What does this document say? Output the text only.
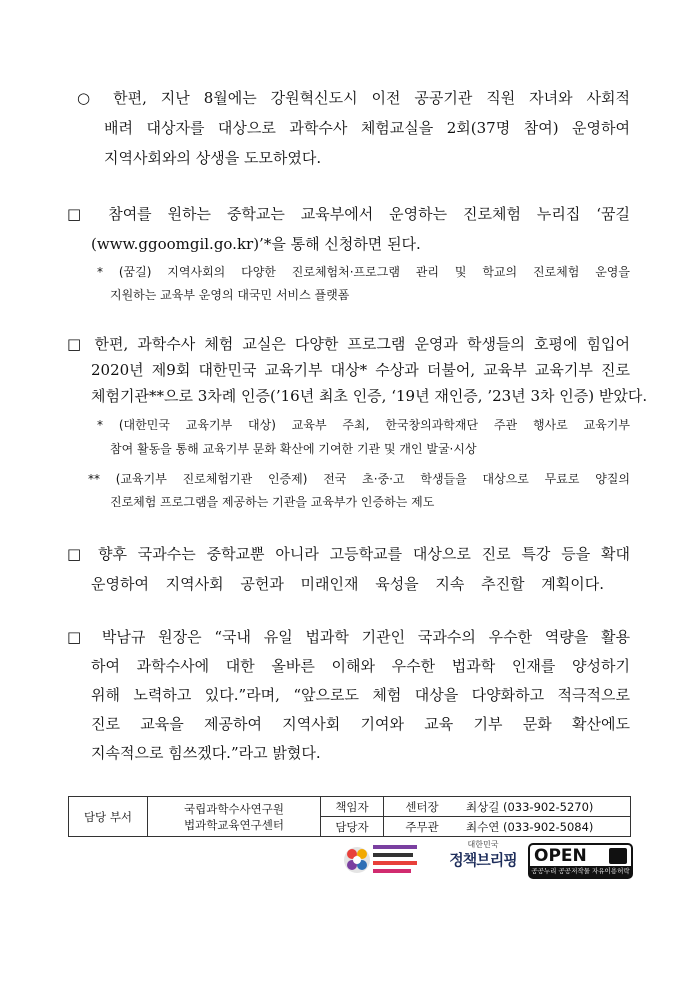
○ 한편, 지난 8월에는 강원혁신도시 이전 공공기관 직원 자녀와 사회적
배려 대상자를 대상으로 과학수사 체험교실을 2회(37명 참여) 운영하여
지역사회와의 상생을 도모하였다.
□ 참여를 원하는 중학교는 교육부에서 운영하는 진로체험 누리집 ‘꿈길
(www.ggoomgil.go.kr)’*을 통해 신청하면 된다.
* (꿈길) 지역사회의 다양한 진로체험처·프로그램 관리 및 학교의 진로체험 운영을
지원하는 교육부 운영의 대국민 서비스 플랫폼
□ 한편, 과학수사 체험 교실은 다양한 프로그램 운영과 학생들의 호평에 힘입어
2020년 제9회 대한민국 교육기부 대상* 수상과 더불어, 교육부 교육기부 진로
체험기관**으로 3차례 인증(’16년 최초 인증, ‘19년 재인증, ’23년 3차 인증) 받았다.
* (대한민국 교육기부 대상) 교육부 주최, 한국창의과학재단 주관 행사로 교육기부
참여 활동을 통해 교육기부 문화 확산에 기여한 기관 및 개인 발굴·시상
** (교육기부 진로체험기관 인증제) 전국 초·중·고 학생들을 대상으로 무료로 양질의
진로체험 프로그램을 제공하는 기관을 교육부가 인증하는 제도
□ 향후 국과수는 중학교뿐 아니라 고등학교를 대상으로 진로 특강 등을 확대
운영하여 지역사회 공헌과 미래인재 육성을 지속 추진할 계획이다.
□ 박남규 원장은 “국내 유일 법과학 기관인 국과수의 우수한 역량을 활용
하여 과학수사에 대한 올바른 이해와 우수한 법과학 인재를 양성하기
위해 노력하고 있다.”라며, “앞으로도 체험 대상을 다양화하고 적극적으로
진로 교육을 제공하여 지역사회 기여와 교육 기부 문화 확산에도
지속적으로 힘쓰겠다.”라고 밝혔다.
담당 부서	국립과학수사연구원
법과학교육연구센터	책임자	센터장	최상길 (033-902-5270)
		담당자	주무관	최수연 (033-902-5084)
대한민국
정책브리핑	OPEN
공공누리 공공저작물 자유이용허락
